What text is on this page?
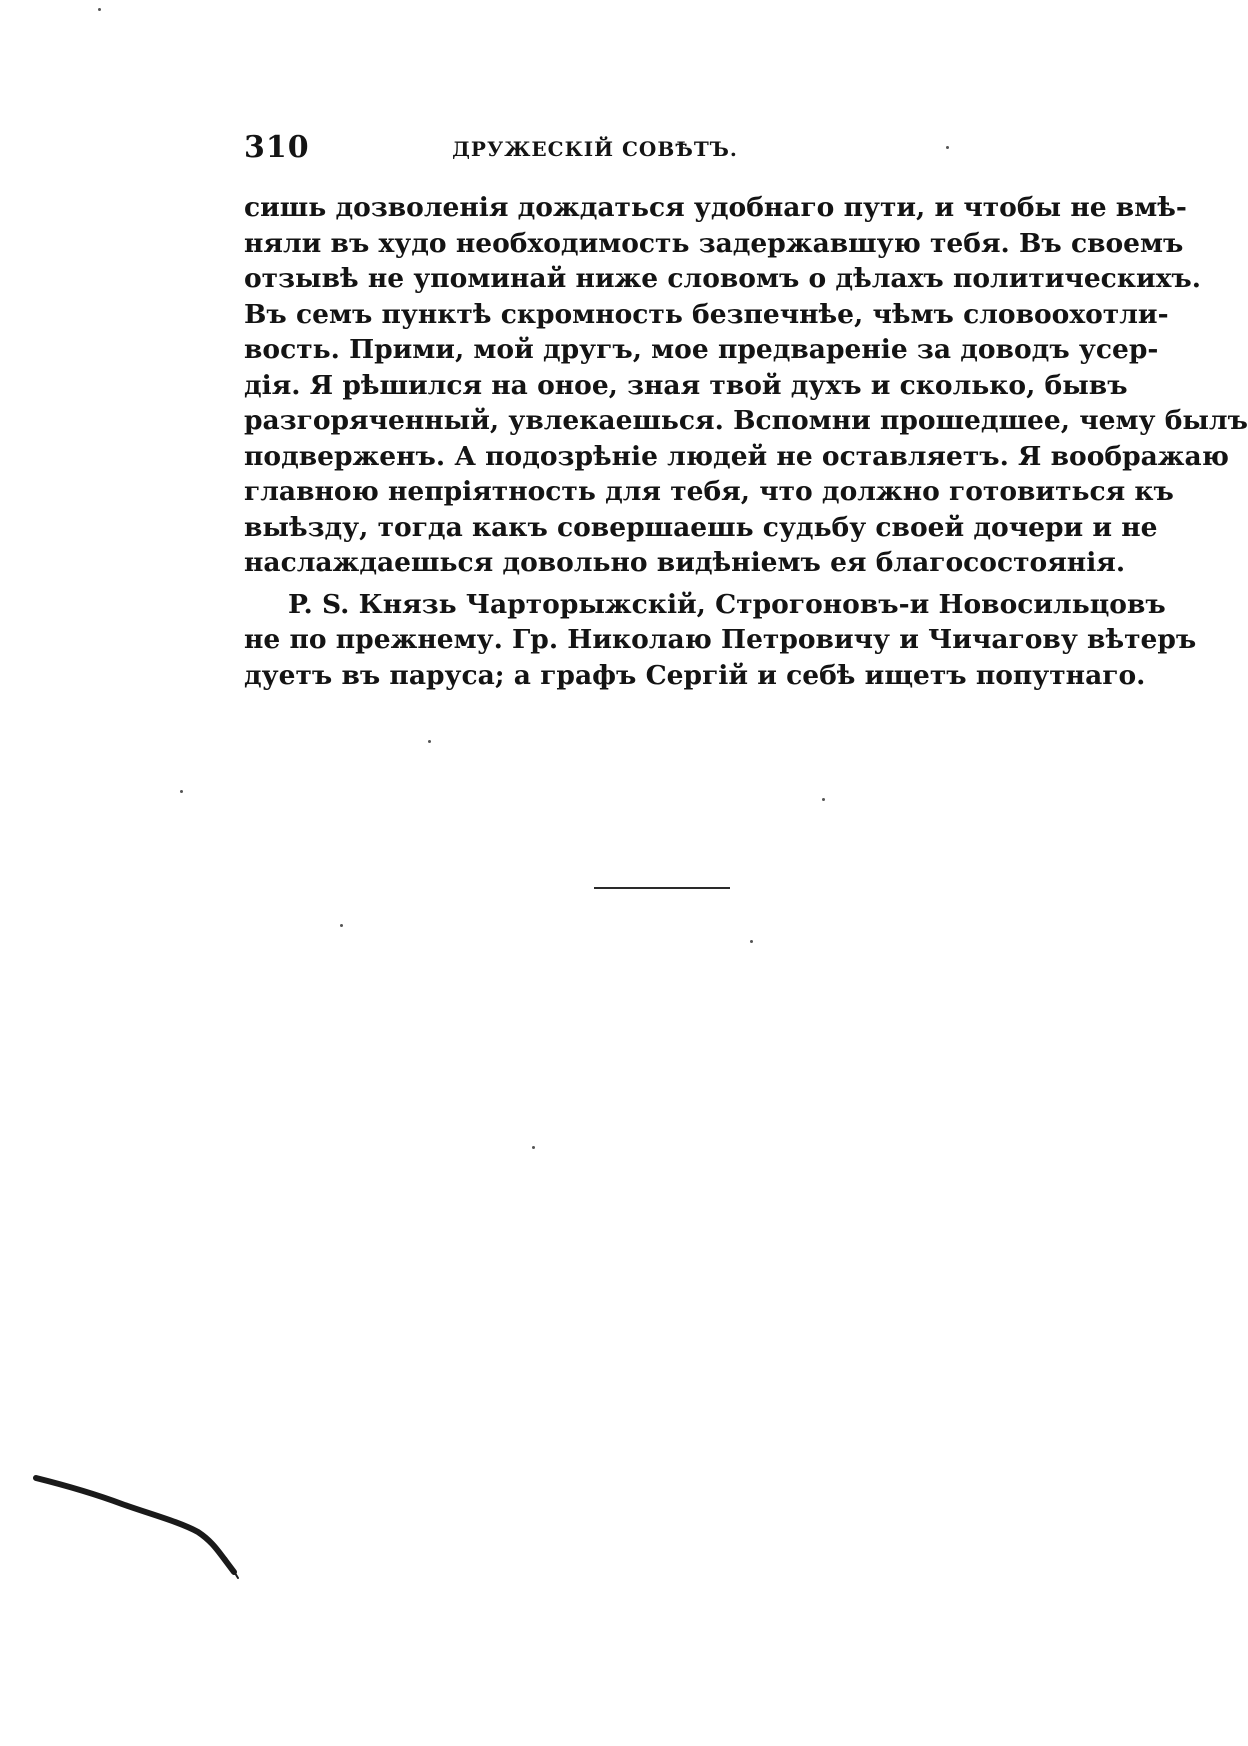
310	ДРУЖЕСКІЙ СОВѢТЪ.
сишь дозволенія дождаться удобнаго пути, и чтобы не вмѣ-
няли въ худо необходимость задержавшую тебя. Въ своемъ
отзывѣ не упоминай ниже словомъ о дѣлахъ политическихъ.
Въ семъ пунктѣ скромность безпечнѣе, чѣмъ словоохотли-
вость. Прими, мой другъ, мое предвареніе за доводъ усер-
дія. Я рѣшился на оное, зная твой духъ и сколько, бывъ
разгоряченный, увлекаешься. Вспомни прошедшее, чему былъ
подверженъ. А подозрѣніе людей не оставляетъ. Я воображаю
главною непріятность для тебя, что должно готовиться къ
выѣзду, тогда какъ совершаешь судьбу своей дочери и не
наслаждаешься довольно видѣніемъ ея благосостоянія.
P. S. Князь Чарторыжскій, Строгоновъ-и Новосильцовъ
не по прежнему. Гр. Николаю Петровичу и Чичагову вѣтеръ
дуетъ въ паруса; а графъ Сергій и себѣ ищетъ попутнаго.
